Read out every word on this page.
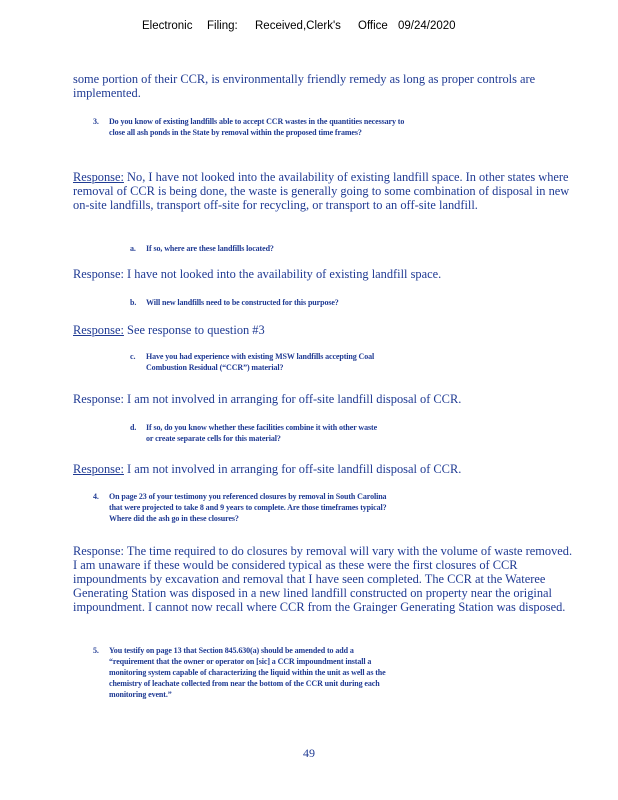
Electronic Filing: Received,Clerk's Office 09/24/2020
some portion of their CCR, is environmentally friendly remedy as long as proper controls are implemented.
3. Do you know of existing landfills able to accept CCR wastes in the quantities necessary to close all ash ponds in the State by removal within the proposed time frames?
Response: No, I have not looked into the availability of existing landfill space. In other states where removal of CCR is being done, the waste is generally going to some combination of disposal in new on-site landfills, transport off-site for recycling, or transport to an off-site landfill.
a. If so, where are these landfills located?
Response: I have not looked into the availability of existing landfill space.
b. Will new landfills need to be constructed for this purpose?
Response: See response to question #3
c. Have you had experience with existing MSW landfills accepting Coal Combustion Residual (“CCR”) material?
Response: I am not involved in arranging for off-site landfill disposal of CCR.
d. If so, do you know whether these facilities combine it with other waste or create separate cells for this material?
Response: I am not involved in arranging for off-site landfill disposal of CCR.
4. On page 23 of your testimony you referenced closures by removal in South Carolina that were projected to take 8 and 9 years to complete. Are those timeframes typical? Where did the ash go in these closures?
Response: The time required to do closures by removal will vary with the volume of waste removed. I am unaware if these would be considered typical as these were the first closures of CCR impoundments by excavation and removal that I have seen completed. The CCR at the Wateree Generating Station was disposed in a new lined landfill constructed on property near the original impoundment. I cannot now recall where CCR from the Grainger Generating Station was disposed.
5. You testify on page 13 that Section 845.630(a) should be amended to add a “requirement that the owner or operator on [sic] a CCR impoundment install a monitoring system capable of characterizing the liquid within the unit as well as the chemistry of leachate collected from near the bottom of the CCR unit during each monitoring event.”
49
